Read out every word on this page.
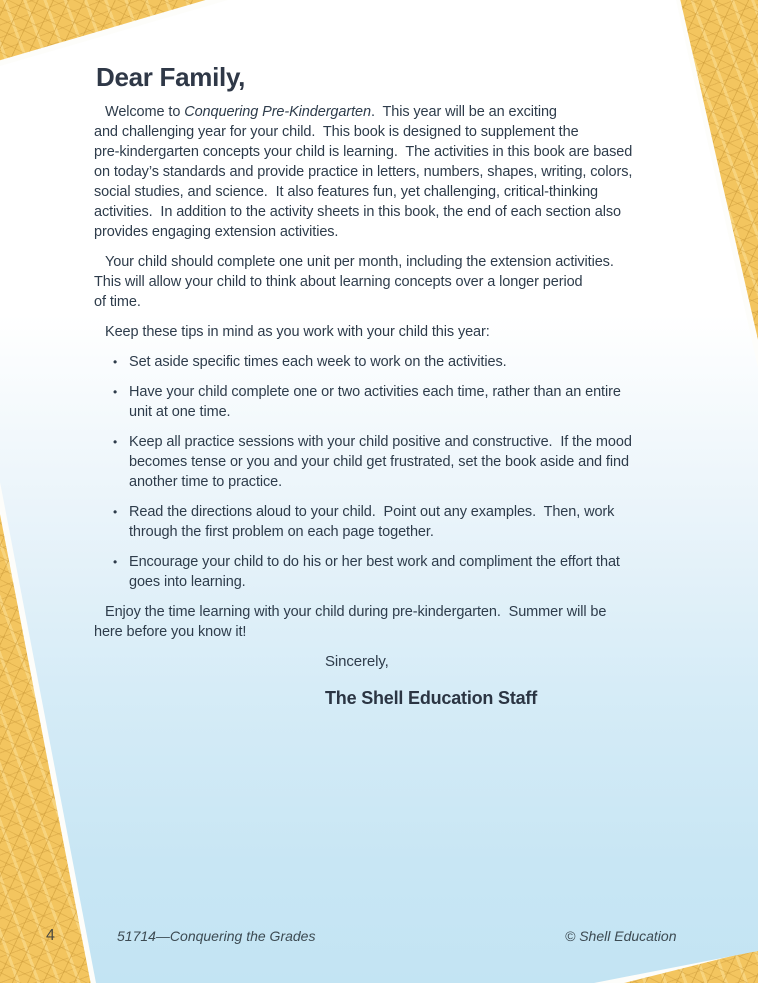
Dear Family,
Welcome to Conquering Pre-Kindergarten.  This year will be an exciting
and challenging year for your child.  This book is designed to supplement the
pre-kindergarten concepts your child is learning.  The activities in this book are based
on today’s standards and provide practice in letters, numbers, shapes, writing, colors,
social studies, and science.  It also features fun, yet challenging, critical-thinking
activities.  In addition to the activity sheets in this book, the end of each section also
provides engaging extension activities.
Your child should complete one unit per month, including the extension activities.
This will allow your child to think about learning concepts over a longer period
of time.
Keep these tips in mind as you work with your child this year:
• Set aside specific times each week to work on the activities.
• Have your child complete one or two activities each time, rather than an entire
unit at one time.
• Keep all practice sessions with your child positive and constructive.  If the mood
becomes tense or you and your child get frustrated, set the book aside and find
another time to practice.
• Read the directions aloud to your child.  Point out any examples.  Then, work
through the first problem on each page together.
• Encourage your child to do his or her best work and compliment the effort that
goes into learning.
Enjoy the time learning with your child during pre-kindergarten.  Summer will be
here before you know it!
Sincerely,
The Shell Education Staff
4	51714—Conquering the Grades	© Shell Education
